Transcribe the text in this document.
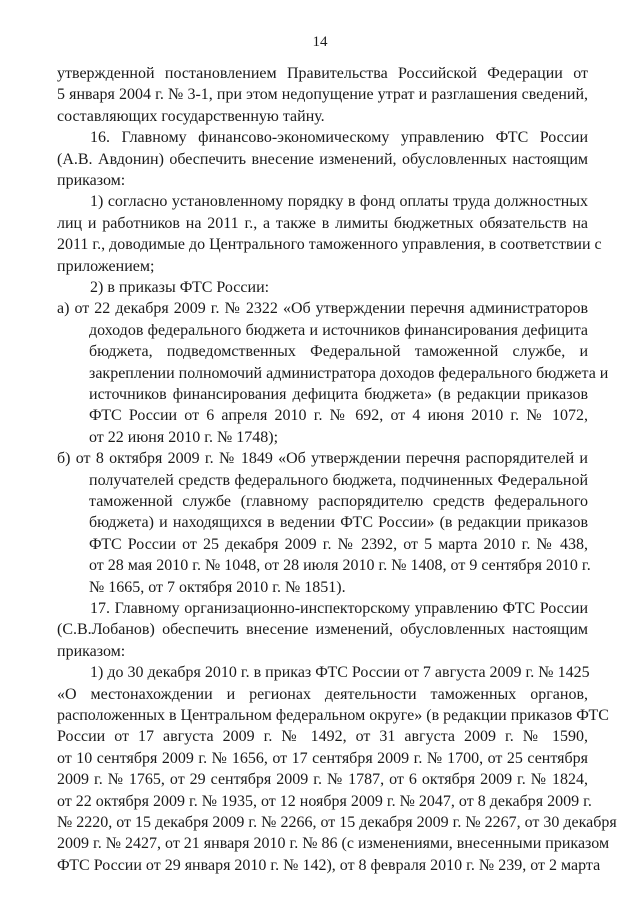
14
утвержденной постановлением Правительства Российской Федерации от
5 января 2004 г. № 3-1, при этом недопущение утрат и разглашения сведений,
составляющих государственную тайну.
16. Главному финансово-экономическому управлению ФТС России
(А.В. Авдонин) обеспечить внесение изменений, обусловленных настоящим
приказом:
1) согласно установленному порядку в фонд оплаты труда должностных
лиц и работников на 2011 г., а также в лимиты бюджетных обязательств на
2011 г., доводимые до Центрального таможенного управления, в соответствии с
приложением;
2) в приказы ФТС России:
а) от 22 декабря 2009 г. № 2322 «Об утверждении перечня администраторов
доходов федерального бюджета и источников финансирования дефицита
бюджета, подведомственных Федеральной таможенной службе, и
закреплении полномочий администратора доходов федерального бюджета и
источников финансирования дефицита бюджета» (в редакции приказов
ФТС России от 6 апреля 2010 г. № 692, от 4 июня 2010 г. № 1072,
от 22 июня 2010 г. № 1748);
б) от 8 октября 2009 г. № 1849 «Об утверждении перечня распорядителей и
получателей средств федерального бюджета, подчиненных Федеральной
таможенной службе (главному распорядителю средств федерального
бюджета) и находящихся в ведении ФТС России» (в редакции приказов
ФТС России от 25 декабря 2009 г. № 2392, от 5 марта 2010 г. № 438,
от 28 мая 2010 г. № 1048, от 28 июля 2010 г. № 1408, от 9 сентября 2010 г.
№ 1665, от 7 октября 2010 г. № 1851).
17. Главному организационно-инспекторскому управлению ФТС России
(С.В.Лобанов) обеспечить внесение изменений, обусловленных настоящим
приказом:
1) до 30 декабря 2010 г. в приказ ФТС России от 7 августа 2009 г. № 1425
«О местонахождении и регионах деятельности таможенных органов,
расположенных в Центральном федеральном округе» (в редакции приказов ФТС
России от 17 августа 2009 г. № 1492, от 31 августа 2009 г. № 1590,
от 10 сентября 2009 г. № 1656, от 17 сентября 2009 г. № 1700, от 25 сентября
2009 г. № 1765, от 29 сентября 2009 г. № 1787, от 6 октября 2009 г. № 1824,
от 22 октября 2009 г. № 1935, от 12 ноября 2009 г. № 2047, от 8 декабря 2009 г.
№ 2220, от 15 декабря 2009 г. № 2266, от 15 декабря 2009 г. № 2267, от 30 декабря
2009 г. № 2427, от 21 января 2010 г. № 86 (с изменениями, внесенными приказом
ФТС России от 29 января 2010 г. № 142), от 8 февраля 2010 г. № 239, от 2 марта
